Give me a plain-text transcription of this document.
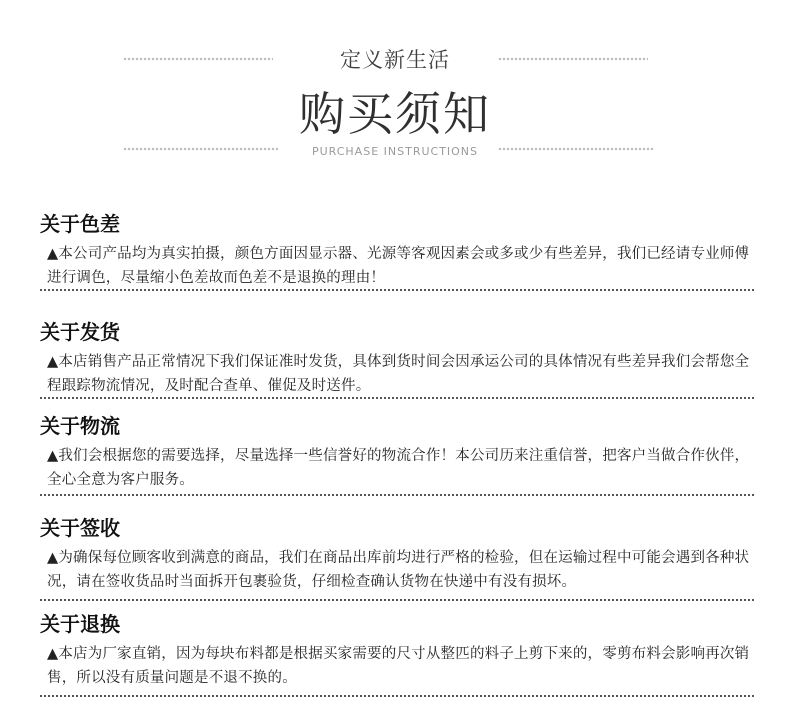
定义新生活
购买须知
PURCHASE INSTRUCTIONS
关于色差

▲本公司产品均为真实拍摄，颜色方面因显示器、光源等客观因素会或多或少有些差异，我们已经请专业师傅进行调色，尽量缩小色差故而色差不是退换的理由！

关于发货

▲本店销售产品正常情况下我们保证准时发货，具体到货时间会因承运公司的具体情况有些差异我们会帮您全程跟踪物流情况，及时配合查单、催促及时送件。

关于物流

▲我们会根据您的需要选择，尽量选择一些信誉好的物流合作！本公司历来注重信誉，把客户当做合作伙伴，全心全意为客户服务。

关于签收

▲为确保每位顾客收到满意的商品，我们在商品出库前均进行严格的检验，但在运输过程中可能会遇到各种状况，请在签收货品时当面拆开包裹验货，仔细检查确认货物在快递中有没有损坏。

关于退换

▲本店为厂家直销，因为每块布料都是根据买家需要的尺寸从整匹的料子上剪下来的，零剪布料会影响再次销售，所以没有质量问题是不退不换的。
